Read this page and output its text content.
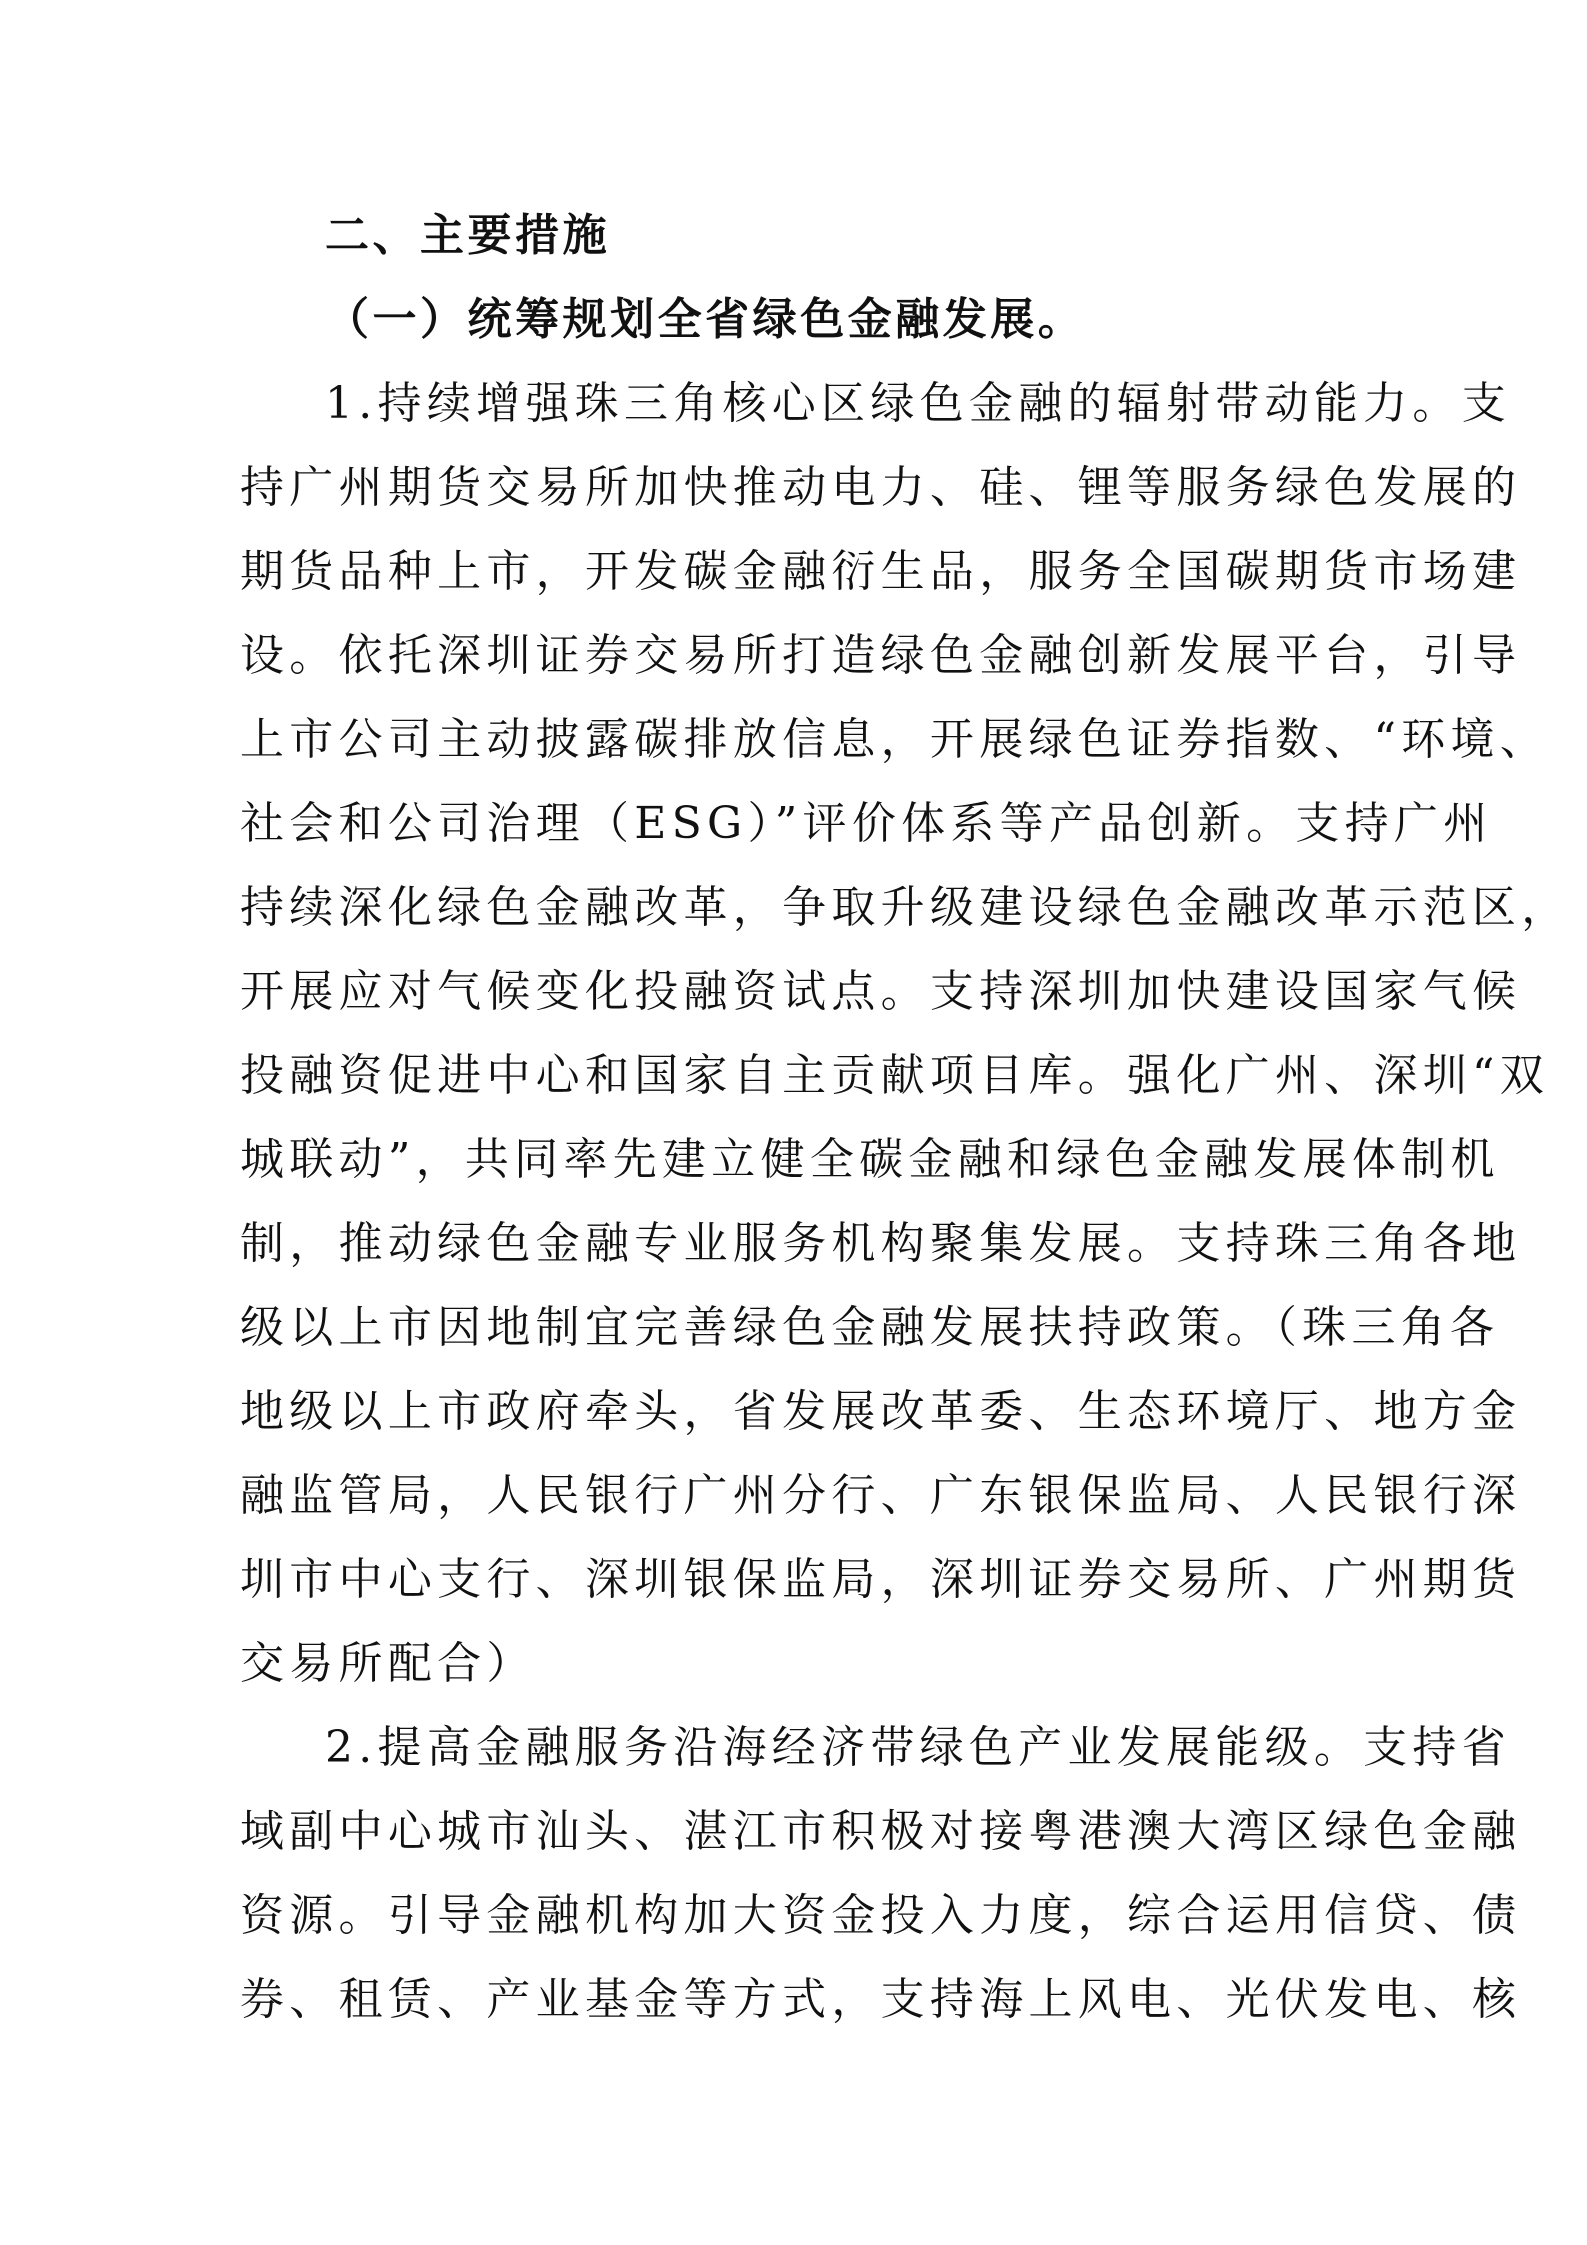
二、主要措施
（一）统筹规划全省绿色金融发展。
1.持续增强珠三角核心区绿色金融的辐射带动能力。支
持广州期货交易所加快推动电力、硅、锂等服务绿色发展的
期货品种上市，开发碳金融衍生品，服务全国碳期货市场建
设。依托深圳证券交易所打造绿色金融创新发展平台，引导
上市公司主动披露碳排放信息，开展绿色证券指数、“环境、
社会和公司治理（ESG）”评价体系等产品创新。支持广州
持续深化绿色金融改革，争取升级建设绿色金融改革示范区，
开展应对气候变化投融资试点。支持深圳加快建设国家气候
投融资促进中心和国家自主贡献项目库。强化广州、深圳“双
城联动”，共同率先建立健全碳金融和绿色金融发展体制机
制，推动绿色金融专业服务机构聚集发展。支持珠三角各地
级以上市因地制宜完善绿色金融发展扶持政策。（珠三角各
地级以上市政府牵头，省发展改革委、生态环境厅、地方金
融监管局，人民银行广州分行、广东银保监局、人民银行深
圳市中心支行、深圳银保监局，深圳证券交易所、广州期货
交易所配合）
2.提高金融服务沿海经济带绿色产业发展能级。支持省
域副中心城市汕头、湛江市积极对接粤港澳大湾区绿色金融
资源。引导金融机构加大资金投入力度，综合运用信贷、债
券、租赁、产业基金等方式，支持海上风电、光伏发电、核
